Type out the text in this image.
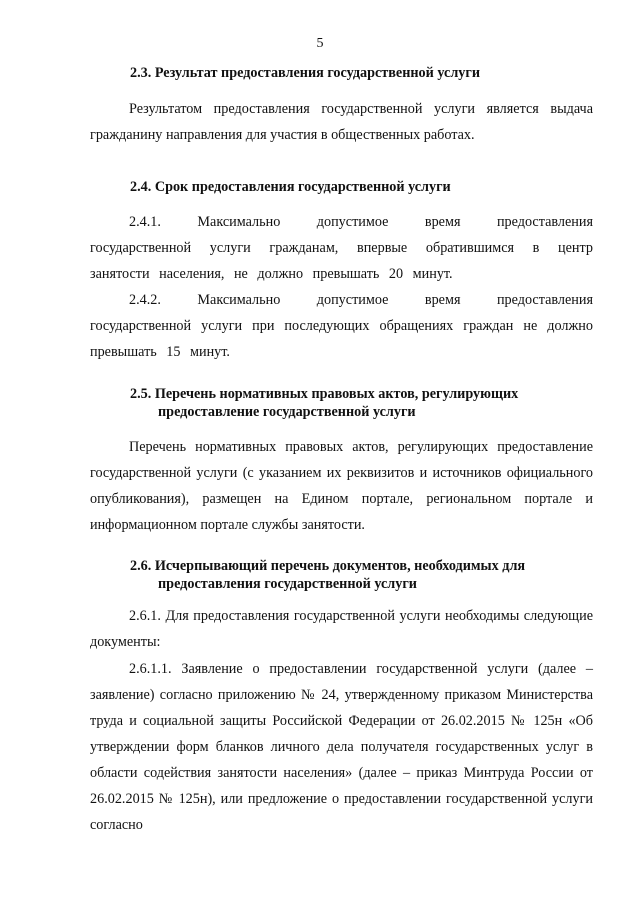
5
2.3. Результат предоставления государственной услуги

Результатом предоставления государственной услуги является выдача гражданину направления для участия в общественных работах.

2.4. Срок предоставления государственной услуги

2.4.1. Максимально допустимое время предоставления государственной услуги гражданам, впервые обратившимся в центр занятости населения, не должно превышать 20 минут.

2.4.2. Максимально допустимое время предоставления государственной услуги при последующих обращениях граждан не должно превышать 15 минут.

2.5. Перечень нормативных правовых актов, регулирующих
предоставление государственной услуги

Перечень нормативных правовых актов, регулирующих предоставление государственной услуги (с указанием их реквизитов и источников официального опубликования), размещен на Едином портале, региональном портале и информационном портале службы занятости.

2.6. Исчерпывающий перечень документов, необходимых для
предоставления государственной услуги

2.6.1. Для предоставления государственной услуги необходимы следующие документы:

2.6.1.1. Заявление о предоставлении государственной услуги (далее – заявление) согласно приложению № 24, утвержденному приказом Министерства труда и социальной защиты Российской Федерации от 26.02.2015 № 125н «Об утверждении форм бланков личного дела получателя государственных услуг в области содействия занятости населения» (далее – приказ Минтруда России от 26.02.2015 № 125н), или предложение о предоставлении государственной услуги согласно
